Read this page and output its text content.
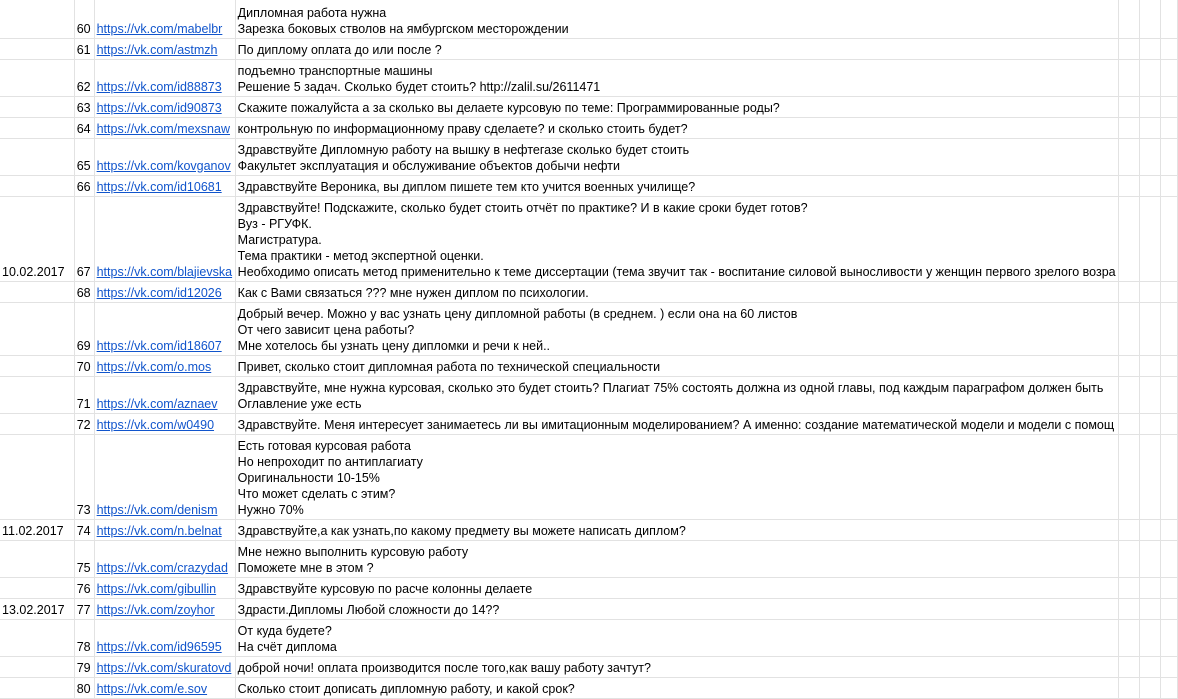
	60	https://vk.com/mabelbr	Дипломная работа нужна
Зарезка боковых стволов на ямбургском месторождении			

	61	https://vk.com/astmzh	По диплому оплата до или после ?			

	62	https://vk.com/id88873	подъемно транспортные машины
Решение 5 задач. Сколько будет стоить? http://zalil.su/2611471			

	63	https://vk.com/id90873	Скажите пожалуйста а за сколько вы делаете курсовую по теме: Программированные роды?			

	64	https://vk.com/mexsnaw	контрольную по информационному праву сделаете? и сколько стоить будет?			

	65	https://vk.com/kovganov	Здравствуйте Дипломную работу на вышку в нефтегазе сколько будет стоить
Факультет эксплуатация и обслуживание объектов добычи нефти			

	66	https://vk.com/id10681	Здравствуйте Вероника, вы диплом пишете тем кто учится военных училище?			

10.02.2017	67	https://vk.com/blajievska	Здравствуйте! Подскажите, сколько будет стоить отчёт по практике? И в какие сроки будет готов?
Вуз - РГУФК.
Магистратура.
Тема практики - метод экспертной оценки.
Необходимо описать метод применительно к теме диссертации (тема звучит так - воспитание силовой выносливости у женщин первого зрелого возра			

	68	https://vk.com/id12026	Как с Вами связаться ??? мне нужен диплом по психологии.			

	69	https://vk.com/id18607	Добрый вечер. Можно у вас узнать цену дипломной работы (в среднем. ) если она на 60 листов
От чего зависит цена работы?
Мне хотелось бы узнать цену дипломки и речи к ней..			

	70	https://vk.com/o.mos	Привет, сколько стоит дипломная работа по технической специальности			

	71	https://vk.com/aznaev	Здравствуйте, мне нужна курсовая, сколько это будет стоить? Плагиат 75% состоять должна из одной главы, под каждым параграфом должен быть
Оглавление уже есть			

	72	https://vk.com/w0490	Здравствуйте. Меня интересует занимаетесь ли вы имитационным моделированием? А именно: создание математической модели и модели с помощ			

	73	https://vk.com/denism	Есть готовая курсовая работа
Но непроходит по антиплагиату
Оригинальности 10-15%
Что может сделать с этим?
Нужно 70%			

11.02.2017	74	https://vk.com/n.belnat	Здравствуйте,а как узнать,по какому предмету вы можете написать диплом?			

	75	https://vk.com/crazydad	Мне нежно выполнить курсовую работу
Поможете мне в этом ?			

	76	https://vk.com/gibullin	Здравствуйте курсовую по расче колонны делаете			

13.02.2017	77	https://vk.com/zoyhor	Здрасти.Дипломы Любой сложности до 14??			

	78	https://vk.com/id96595	От куда будете?
На счёт диплома			

	79	https://vk.com/skuratovd	доброй ночи! оплата производится после того,как вашу работу зачтут?			

	80	https://vk.com/e.sov	Сколько стоит дописать дипломную работу, и какой срок?			
